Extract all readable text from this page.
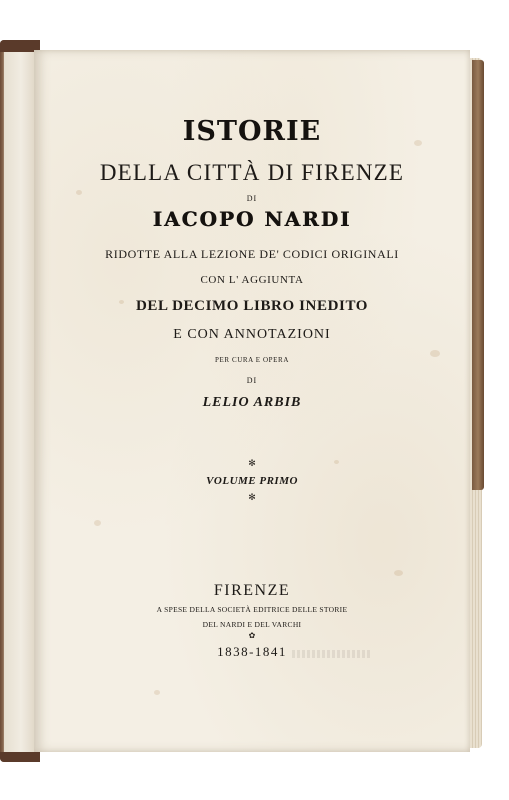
ISTORIE
DELLA CITTÀ DI FIRENZE
DI
IACOPO NARDI
RIDOTTE ALLA LEZIONE DE' CODICI ORIGINALI
CON L' AGGIUNTA
DEL DECIMO LIBRO INEDITO
E CON ANNOTAZIONI
PER CURA E OPERA
DI
LELIO ARBIB
✻
VOLUME PRIMO
✻
FIRENZE
A SPESE DELLA SOCIETÀ EDITRICE DELLE STORIE
DEL NARDI E DEL VARCHI
✿
1838-1841
